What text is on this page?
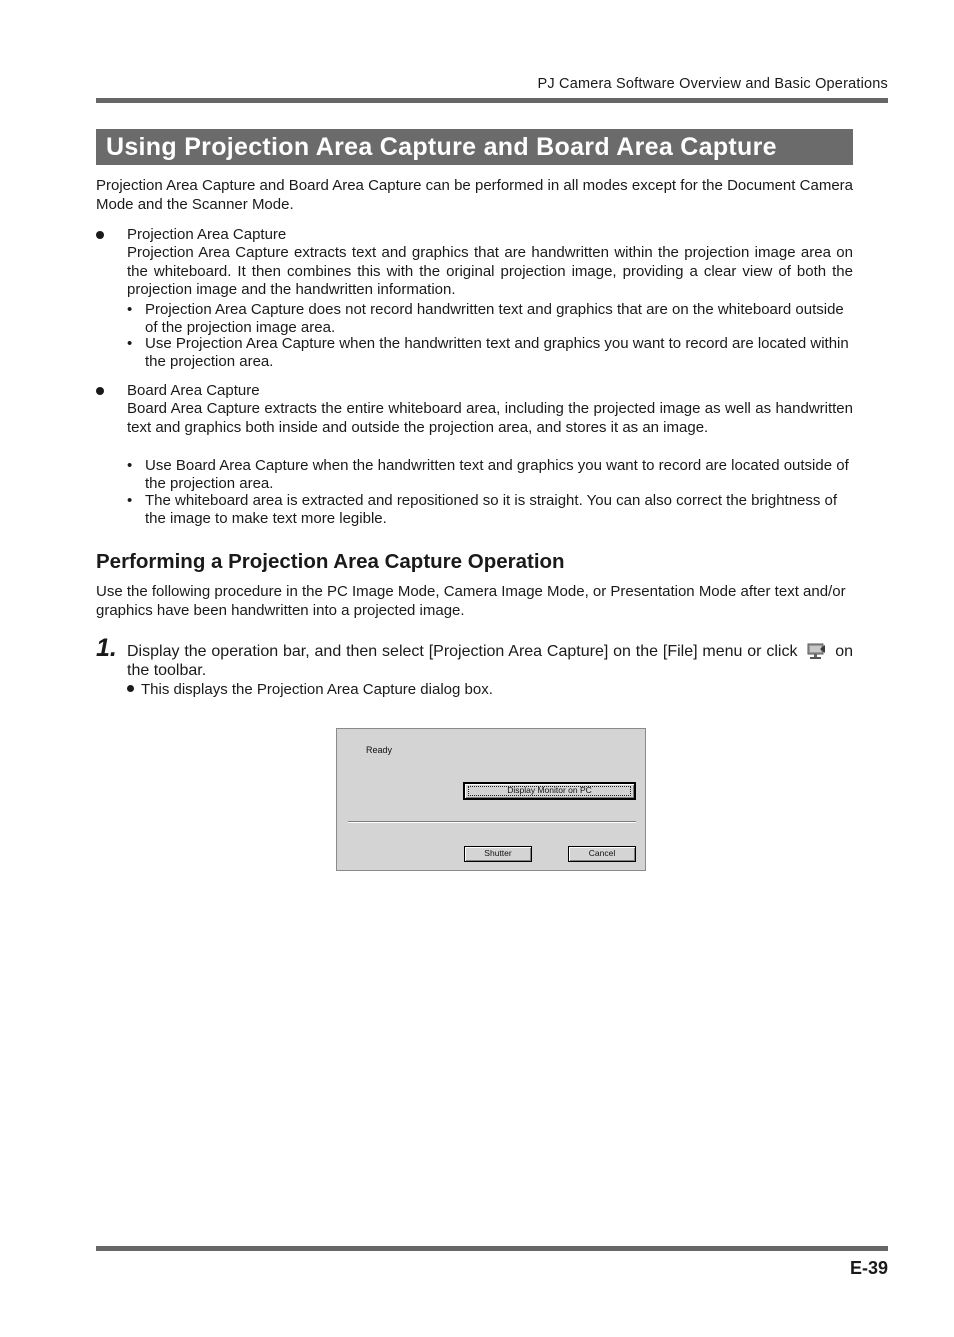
PJ Camera Software Overview and Basic Operations
Using Projection Area Capture and Board Area Capture
Projection Area Capture and Board Area Capture can be performed in all modes except for the Document Camera Mode and the Scanner Mode.
Projection Area Capture
Projection Area Capture extracts text and graphics that are handwritten within the projection image area on the whiteboard. It then combines this with the original projection image, providing a clear view of both the projection image and the handwritten information.
• Projection Area Capture does not record handwritten text and graphics that are on the whiteboard outside of the projection image area.
• Use Projection Area Capture when the handwritten text and graphics you want to record are located within the projection area.
Board Area Capture
Board Area Capture extracts the entire whiteboard area, including the projected image as well as handwritten text and graphics both inside and outside the projection area, and stores it as an image.
• Use Board Area Capture when the handwritten text and graphics you want to record are located outside of the projection area.
• The whiteboard area is extracted and repositioned so it is straight. You can also correct the brightness of the image to make text more legible.
Performing a Projection Area Capture Operation
Use the following procedure in the PC Image Mode, Camera Image Mode, or Presentation Mode after text and/or graphics have been handwritten into a projected image.
1. Display the operation bar, and then select [Projection Area Capture] on the [File] menu or click on the toolbar.
This displays the Projection Area Capture dialog box.
Ready
Display Monitor on PC
Shutter	Cancel
E-39
